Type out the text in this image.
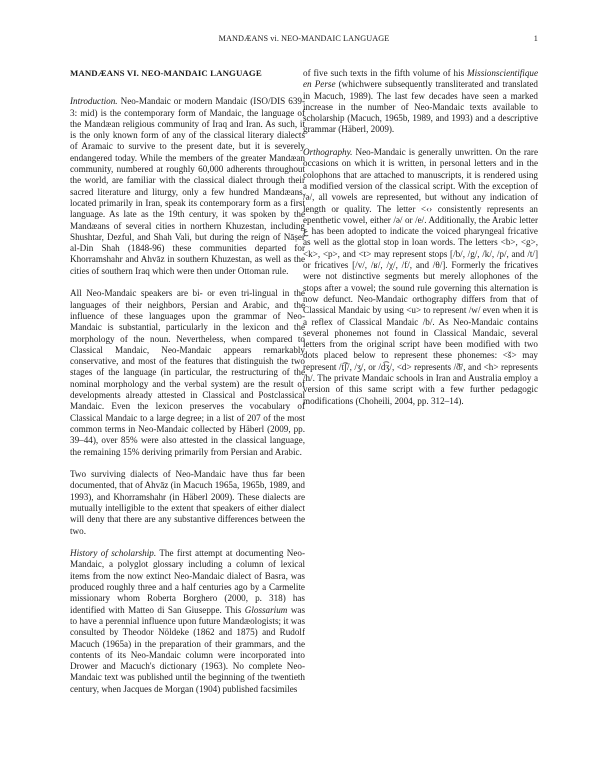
MANDÆANS vi. NEO-MANDAIC LANGUAGE	1
MANDÆANS VI. NEO-MANDAIC LANGUAGE

Introduction. Neo-Mandaic or modern Mandaic (ISO/DIS 639-3: mid) is the contemporary form of Mandaic, the language of the Mandæan religious community of Iraq and Iran. As such, it is the only known form of any of the classical literary dialects of Aramaic to survive to the present date, but it is severely endangered today. While the members of the greater Mandæan community, numbered at roughly 60,000 adherents throughout the world, are familiar with the classical dialect through their sacred literature and liturgy, only a few hundred Mandæans, located primarily in Iran, speak its contemporary form as a first language. As late as the 19th century, it was spoken by the Mandæans of several cities in northern Khuzestan, including Shushtar, Dezful, and Shah Vali, but during the reign of Nāṣer al-Din Shah (1848-96) these communities departed for Khorramshahr and Ahvāz in southern Khuzestan, as well as the cities of southern Iraq which were then under Ottoman rule.

All Neo-Mandaic speakers are bi- or even tri-lingual in the languages of their neighbors, Persian and Arabic, and the influence of these languages upon the grammar of Neo-Mandaic is substantial, particularly in the lexicon and the morphology of the noun. Nevertheless, when compared to Classical Mandaic, Neo-Mandaic appears remarkably conservative, and most of the features that distinguish the two stages of the language (in particular, the restructuring of the nominal morphology and the verbal system) are the result of developments already attested in Classical and Postclassical Mandaic. Even the lexicon preserves the vocabulary of Classical Mandaic to a large degree; in a list of 207 of the most common terms in Neo-Mandaic collected by Häberl (2009, pp. 39–44), over 85% were also attested in the classical language, the remaining 15% deriving primarily from Persian and Arabic.

Two surviving dialects of Neo-Mandaic have thus far been documented, that of Ahvāz (in Macuch 1965a, 1965b, 1989, and 1993), and Khorramshahr (in Häberl 2009). These dialects are mutually intelligible to the extent that speakers of either dialect will deny that there are any substantive differences between the two.

History of scholarship. The first attempt at documenting Neo-Mandaic, a polyglot glossary including a column of lexical items from the now extinct Neo-Mandaic dialect of Basra, was produced roughly three and a half centuries ago by a Carmelite missionary whom Roberta Borghero (2000, p. 318) has identified with Matteo di San Giuseppe. This Glossarium was to have a perennial influence upon future Mandæologists; it was consulted by Theodor Nöldeke (1862 and 1875) and Rudolf Macuch (1965a) in the preparation of their grammars, and the contents of its Neo-Mandaic column were incorporated into Drower and Macuch's dictionary (1963). No complete Neo-Mandaic text was published until the beginning of the twentieth century, when Jacques de Morgan (1904) published facsimiles

of five such texts in the fifth volume of his Missionscientifique en Perse (whichwere subsequently transliterated and translated in Macuch, 1989). The last few decades have seen a marked increase in the number of Neo-Mandaic texts available to scholarship (Macuch, 1965b, 1989, and 1993) and a descriptive grammar (Häberl, 2009).

Orthography. Neo-Mandaic is generally unwritten. On the rare occasions on which it is written, in personal letters and in the colophons that are attached to manuscripts, it is rendered using a modified version of the classical script. With the exception of /ə/, all vowels are represented, but without any indication of length or quality. The letter <‹› consistently represents an epenthetic vowel, either /ə/ or /e/. Additionally, the Arabic letter ع has been adopted to indicate the voiced pharyngeal fricative as well as the glottal stop in loan words. The letters <b>, <g>, <k>, <p>, and <t> may represent stops [/b/, /g/, /k/, /p/, and /t/] or fricatives [/v/, /ʁ/, /χ/, /f/, and /θ/]. Formerly the fricatives were not distinctive segments but merely allophones of the stops after a vowel; the sound rule governing this alternation is now defunct. Neo-Mandaic orthography differs from that of Classical Mandaic by using <u> to represent /w/ even when it is a reflex of Classical Mandaic /b/. As Neo-Mandaic contains several phonemes not found in Classical Mandaic, several letters from the original script have been modified with two dots placed below to represent these phonemes: <š> may represent /t͡ʃ/, /ʒ/, or /d͡ʒ/, <d> represents /ð̄/, and <h> represents /h/. The private Mandaic schools in Iran and Australia employ a version of this same script with a few further pedagogic modifications (Choheili, 2004, pp. 312–14).
